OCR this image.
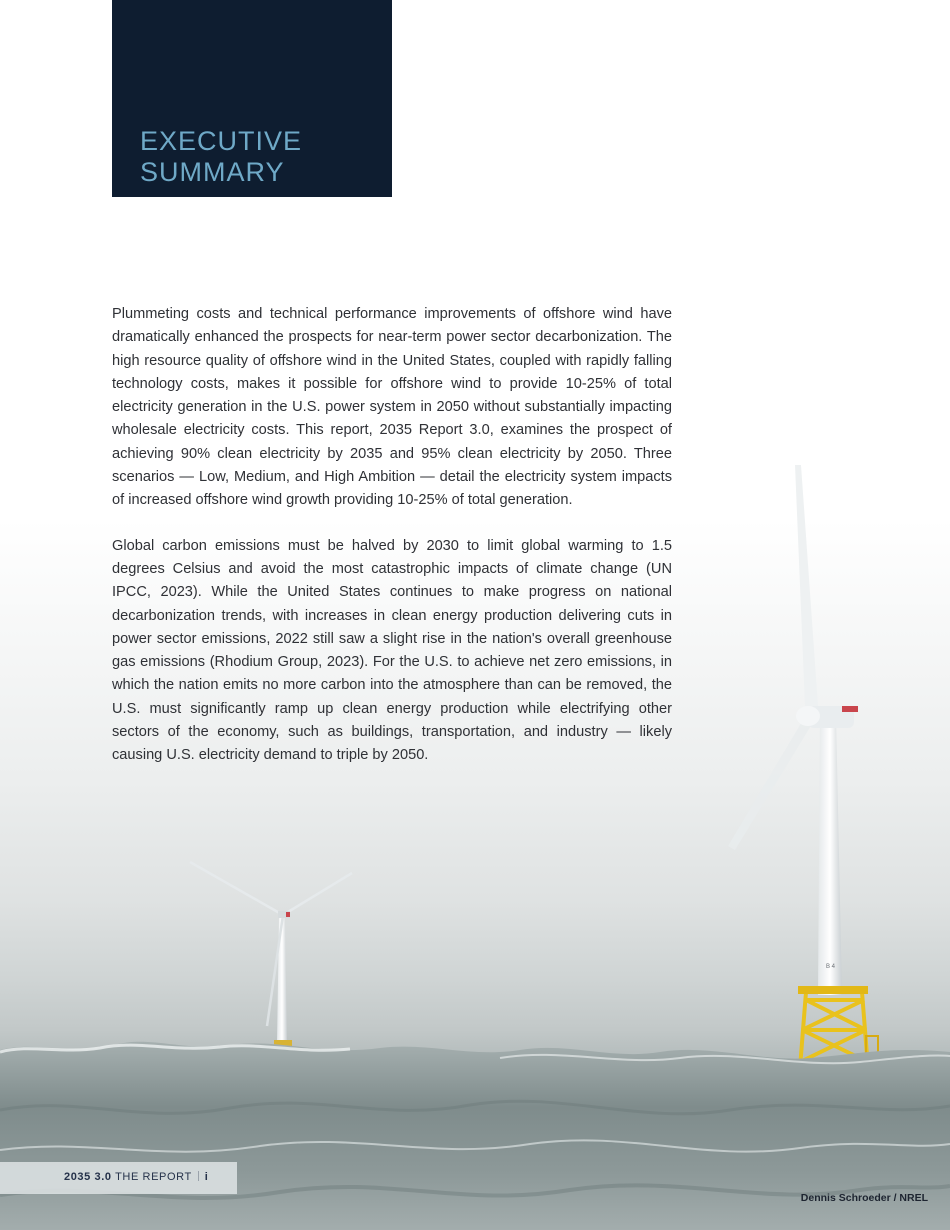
B 4
EXECUTIVE
SUMMARY

Plummeting costs and technical performance improvements of offshore wind have dramatically enhanced the prospects for near-term power sector decarbonization. The high resource quality of offshore wind in the United States, coupled with rapidly falling technology costs, makes it possible for offshore wind to provide 10-25% of total electricity generation in the U.S. power system in 2050 without substantially impacting wholesale electricity costs. This report, 2035 Report 3.0, examines the prospect of achieving 90% clean electricity by 2035 and 95% clean electricity by 2050. Three scenarios — Low, Medium, and High Ambition — detail the electricity system impacts of increased offshore wind growth providing 10-25% of total generation.

Global carbon emissions must be halved by 2030 to limit global warming to 1.5 degrees Celsius and avoid the most catastrophic impacts of climate change (UN IPCC, 2023). While the United States continues to make progress on national decarbonization trends, with increases in clean energy production delivering cuts in power sector emissions, 2022 still saw a slight rise in the nation's overall greenhouse gas emissions (Rhodium Group, 2023). For the U.S. to achieve net zero emissions, in which the nation emits no more carbon into the atmosphere than can be removed, the U.S. must significantly ramp up clean energy production while electrifying other sectors of the economy, such as buildings, transportation, and industry — likely causing U.S. electricity demand to triple by 2050.

2035 3.0 THE REPORT i
Dennis Schroeder / NREL
